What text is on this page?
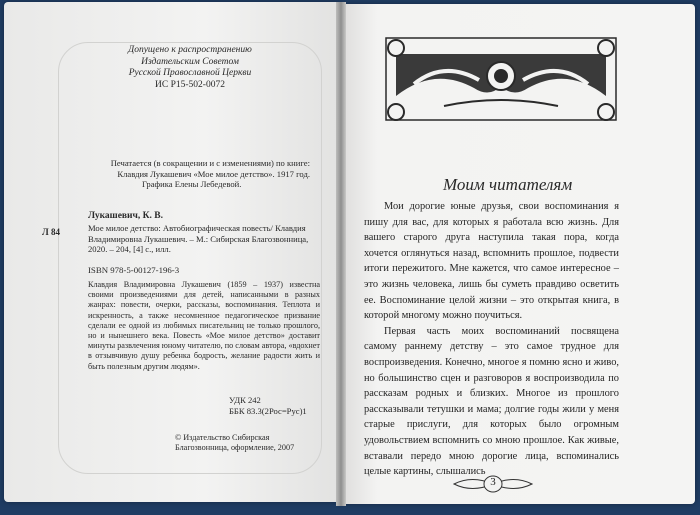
Допущено к распространению
Издательским Советом
Русской Православной Церкви
ИС Р15-502-0072
Печатается (в сокращении и с изменениями) по книге:
Клавдия Лукашевич «Мое милое детство». 1917 год.
Графика Елены Лебедевой.
Л 84
Лукашевич, К. В.
Мое милое детство: Автобиографическая повесть/ Клавдия Владимировна Лукашевич. – М.: Сибирская Благозвонница, 2020. – 204, [4] с., илл.
ISBN 978-5-00127-196-3
Клавдия Владимировна Лукашевич (1859 – 1937) известна своими произведениями для детей, написанными в разных жанрах: повести, очерки, рассказы, воспоминания. Теплота и искренность, а также несомненное педагогическое призвание сделали ее одной из любимых писательниц не только прошлого, но и нынешнего века. Повесть «Мое милое детство» доставит минуты развлечения юному читателю, по словам автора, «вдохнет в отзывчивую душу ребенка бодрость, желание радости жить и быть полезным другим людям».
УДК 242
ББК 83.3(2Рос=Рус)1
© Издательство Сибирская
Благозвонница, оформление, 2007
Моим читателям

Мои дорогие юные друзья, свои воспоминания я пишу для вас, для которых я работала всю жизнь. Для вашего старого друга наступила такая пора, когда хочется оглянуться назад, вспомнить прошлое, подвести итоги пережитого. Мне кажется, что самое интересное – это жизнь человека, лишь бы суметь правдиво осветить ее. Воспоминание целой жизни – это открытая книга, в которой многому можно поучиться.

Первая часть моих воспоминаний посвящена самому раннему детству – это самое трудное для воспроизведения. Конечно, многое я помню ясно и живо, но большинство сцен и разговоров я воспроизводила по рассказам родных и близких. Многое из прошлого рассказывали тетушки и мама; долгие годы жили у меня старые прислуги, для которых было огромным удовольствием вспомнить со мною прошлое. Как живые, вставали передо мною дорогие лица, вспоминались целые картины, слышались

3
